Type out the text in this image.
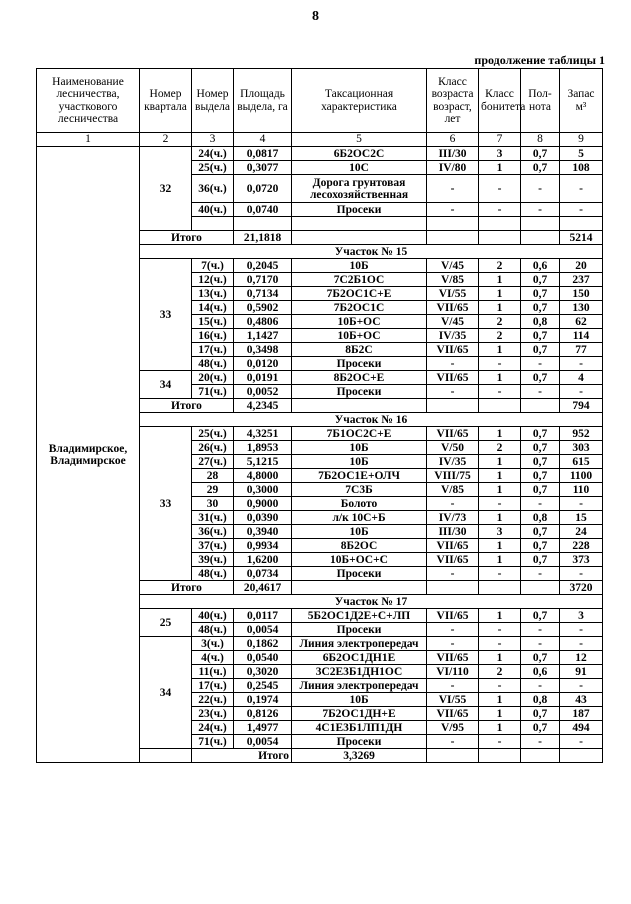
8
продолжение таблицы 1
Наименование лесничества, участкового лесничества	Номер квартала	Номер выдела	Площадь выдела, га	Таксационная характеристика	Класс возраста возраст, лет	Класс бонитета	Пол-нота	Запас м³	
1	2	3	4	5	6	7	8	9	
Владимирское, Владимирское	32	24(ч.)	0,0817	6Б2ОС2С	III/30	3	0,7	5	
		25(ч.)	0,3077	10С	IV/80	1	0,7	108	
		36(ч.)	0,0720	Дорога грунтовая лесохозяйственная	-	-	-	-	
		40(ч.)	0,0740	Просеки	-	-	-	-	

	Итого		21,1818					5214	
	Участок № 15								
	33	7(ч.)	0,2045	10Б	V/45	2	0,6	20	
		12(ч.)	0,7170	7С2Б1ОС	V/85	1	0,7	237	
		13(ч.)	0,7134	7Б2ОС1С+Е	VI/55	1	0,7	150	
		14(ч.)	0,5902	7Б2ОС1С	VII/65	1	0,7	130	
		15(ч.)	0,4806	10Б+ОС	V/45	2	0,8	62	
		16(ч.)	1,1427	10Б+ОС	IV/35	2	0,7	114	
		17(ч.)	0,3498	8Б2С	VII/65	1	0,7	77	
		48(ч.)	0,0120	Просеки	-	-	-	-	
	34	20(ч.)	0,0191	8Б2ОС+Е	VII/65	1	0,7	4	
		71(ч.)	0,0052	Просеки	-	-	-	-	
	Итого		4,2345					794	
	Участок № 16								
	33	25(ч.)	4,3251	7Б1ОС2С+Е	VII/65	1	0,7	952	
		26(ч.)	1,8953	10Б	V/50	2	0,7	303	
		27(ч.)	5,1215	10Б	IV/35	1	0,7	615	
		28	4,8000	7Б2ОС1Е+ОЛЧ	VIII/75	1	0,7	1100	
		29	0,3000	7С3Б	V/85	1	0,7	110	
		30	0,9000	Болото	-	-	-	-	
		31(ч.)	0,0390	л/к 10С+Б	IV/73	1	0,8	15	
		36(ч.)	0,3940	10Б	III/30	3	0,7	24	
		37(ч.)	0,9934	8Б2ОС	VII/65	1	0,7	228	
		39(ч.)	1,6200	10Б+ОС+С	VII/65	1	0,7	373	
		48(ч.)	0,0734	Просеки	-	-	-	-	
	Итого		20,4617					3720	
	Участок № 17								
	25	40(ч.)	0,0117	5Б2ОС1Д2Е+С+ЛП	VII/65	1	0,7	3	
		48(ч.)	0,0054	Просеки	-	-	-	-	
	34	3(ч.)	0,1862	Линия электропередач	-	-	-	-	
		4(ч.)	0,0540	6Б2ОС1ДН1Е	VII/65	1	0,7	12	
		11(ч.)	0,3020	3С2Е3Б1ДН1ОС	VI/110	2	0,6	91	
		17(ч.)	0,2545	Линия электропередач	-	-	-	-	
		22(ч.)	0,1974	10Б	VI/55	1	0,8	43	
		23(ч.)	0,8126	7Б2ОС1ДН+Е	VII/65	1	0,7	187	
		24(ч.)	1,4977	4С1Е3Б1ЛП1ДН	V/95	1	0,7	494	
		71(ч.)	0,0054	Просеки	-	-	-	-	
		Итого		3,3269					
